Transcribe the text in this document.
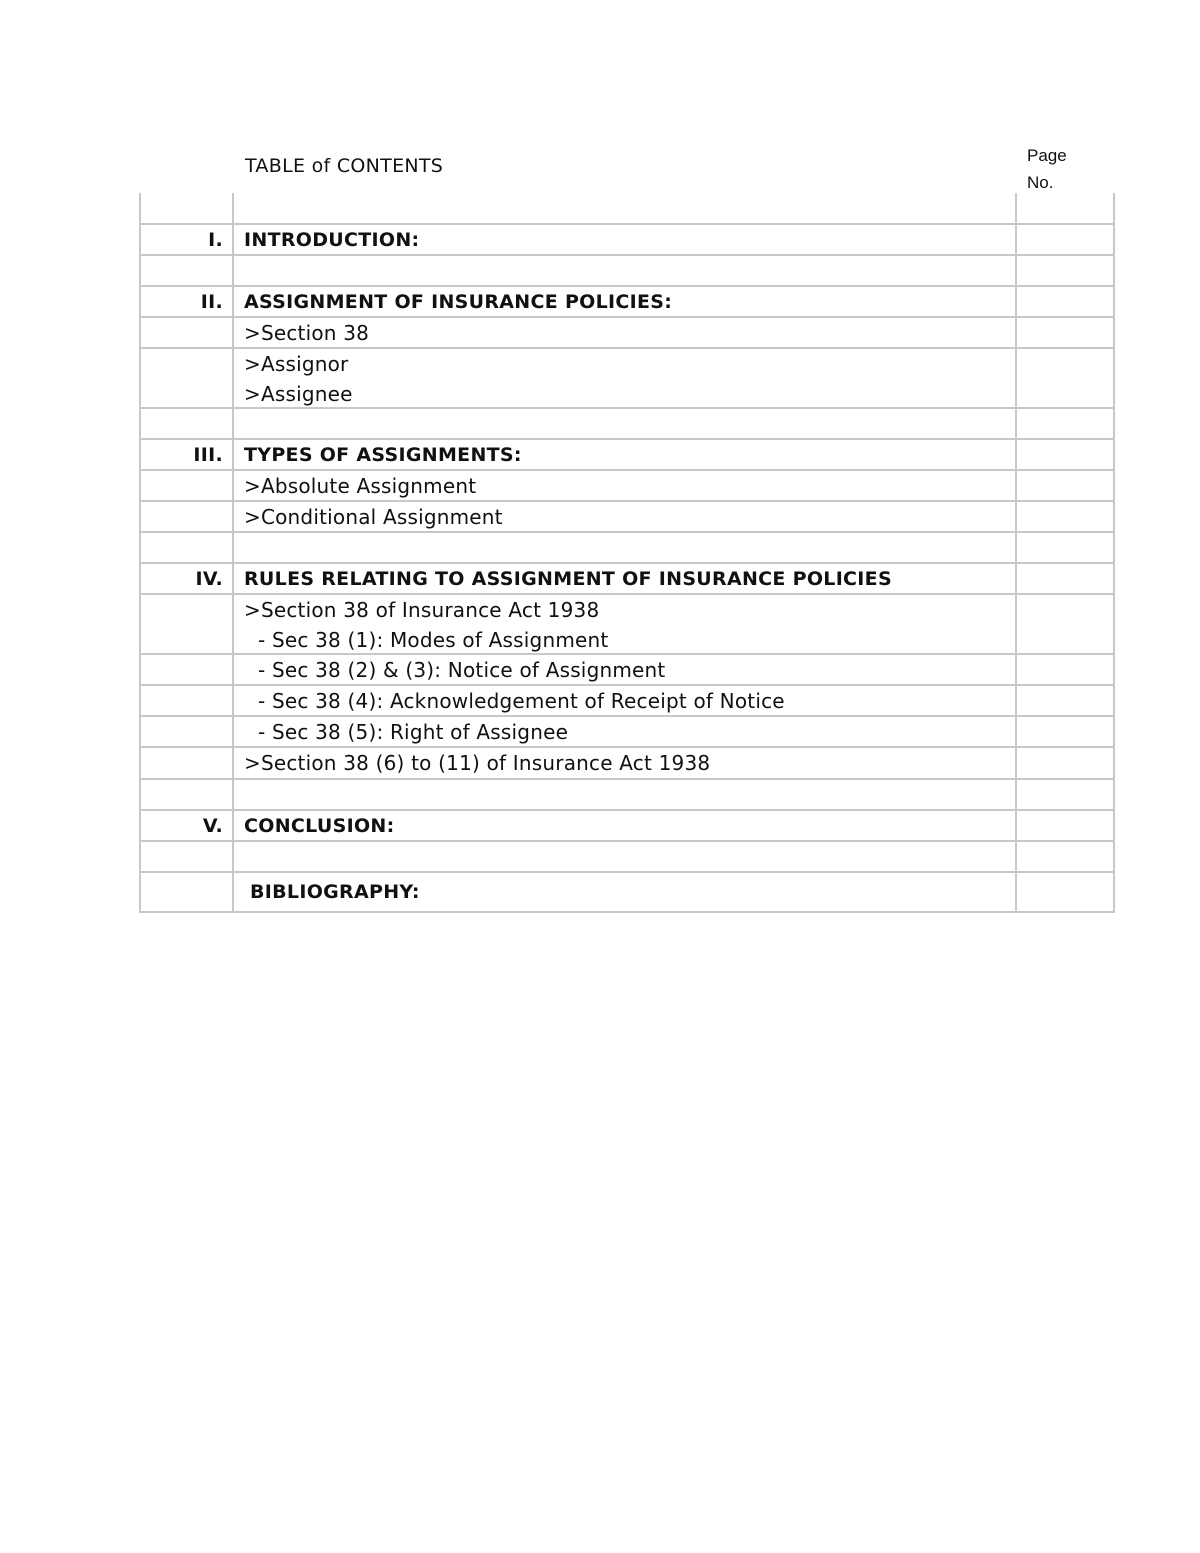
TABLE of CONTENTS	Page
No.
I.	INTRODUCTION:
II.	ASSIGNMENT OF INSURANCE POLICIES:
>Section 38
>Assignor
>Assignee
III.	TYPES OF ASSIGNMENTS:
>Absolute Assignment
>Conditional Assignment
IV.	RULES RELATING TO ASSIGNMENT OF INSURANCE POLICIES
>Section 38 of Insurance Act 1938
- Sec 38 (1): Modes of Assignment
- Sec 38 (2) & (3): Notice of Assignment
- Sec 38 (4): Acknowledgement of Receipt of Notice
- Sec 38 (5): Right of Assignee
>Section 38 (6) to (11) of Insurance Act 1938
V.	CONCLUSION:
BIBLIOGRAPHY:
